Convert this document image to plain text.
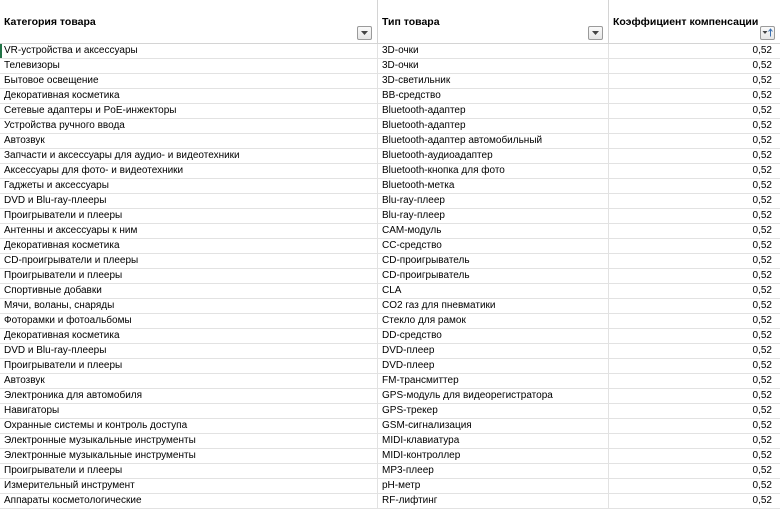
Категория товара	Тип товара	Коэффициент компенсации
VR-устройства и аксессуары	3D-очки	0,52
Телевизоры	3D-очки	0,52
Бытовое освещение	3D-светильник	0,52
Декоративная косметика	BB-средство	0,52
Сетевые адаптеры и PoE-инжекторы	Bluetooth-адаптер	0,52
Устройства ручного ввода	Bluetooth-адаптер	0,52
Автозвук	Bluetooth-адаптер автомобильный	0,52
Запчасти и аксессуары для аудио- и видеотехники	Bluetooth-аудиоадаптер	0,52
Аксессуары для фото- и видеотехники	Bluetooth-кнопка для фото	0,52
Гаджеты и аксессуары	Bluetooth-метка	0,52
DVD и Blu-ray-плееры	Blu-ray-плеер	0,52
Проигрыватели и плееры	Blu-ray-плеер	0,52
Антенны и аксессуары к ним	CAM-модуль	0,52
Декоративная косметика	CC-средство	0,52
CD-проигрыватели и плееры	CD-проигрыватель	0,52
Проигрыватели и плееры	CD-проигрыватель	0,52
Спортивные добавки	CLA	0,52
Мячи, воланы, снаряды	CO2 газ для пневматики	0,52
Фоторамки и фотоальбомы	Стекло для рамок	0,52
Декоративная косметика	DD-средство	0,52
DVD и Blu-ray-плееры	DVD-плеер	0,52
Проигрыватели и плееры	DVD-плеер	0,52
Автозвук	FM-трансмиттер	0,52
Электроника для автомобиля	GPS-модуль для видеорегистратора	0,52
Навигаторы	GPS-трекер	0,52
Охранные системы и контроль доступа	GSM-сигнализация	0,52
Электронные музыкальные инструменты	MIDI-клавиатура	0,52
Электронные музыкальные инструменты	MIDI-контроллер	0,52
Проигрыватели и плееры	MP3-плеер	0,52
Измерительный инструмент	pH-метр	0,52
Аппараты косметологические	RF-лифтинг	0,52
